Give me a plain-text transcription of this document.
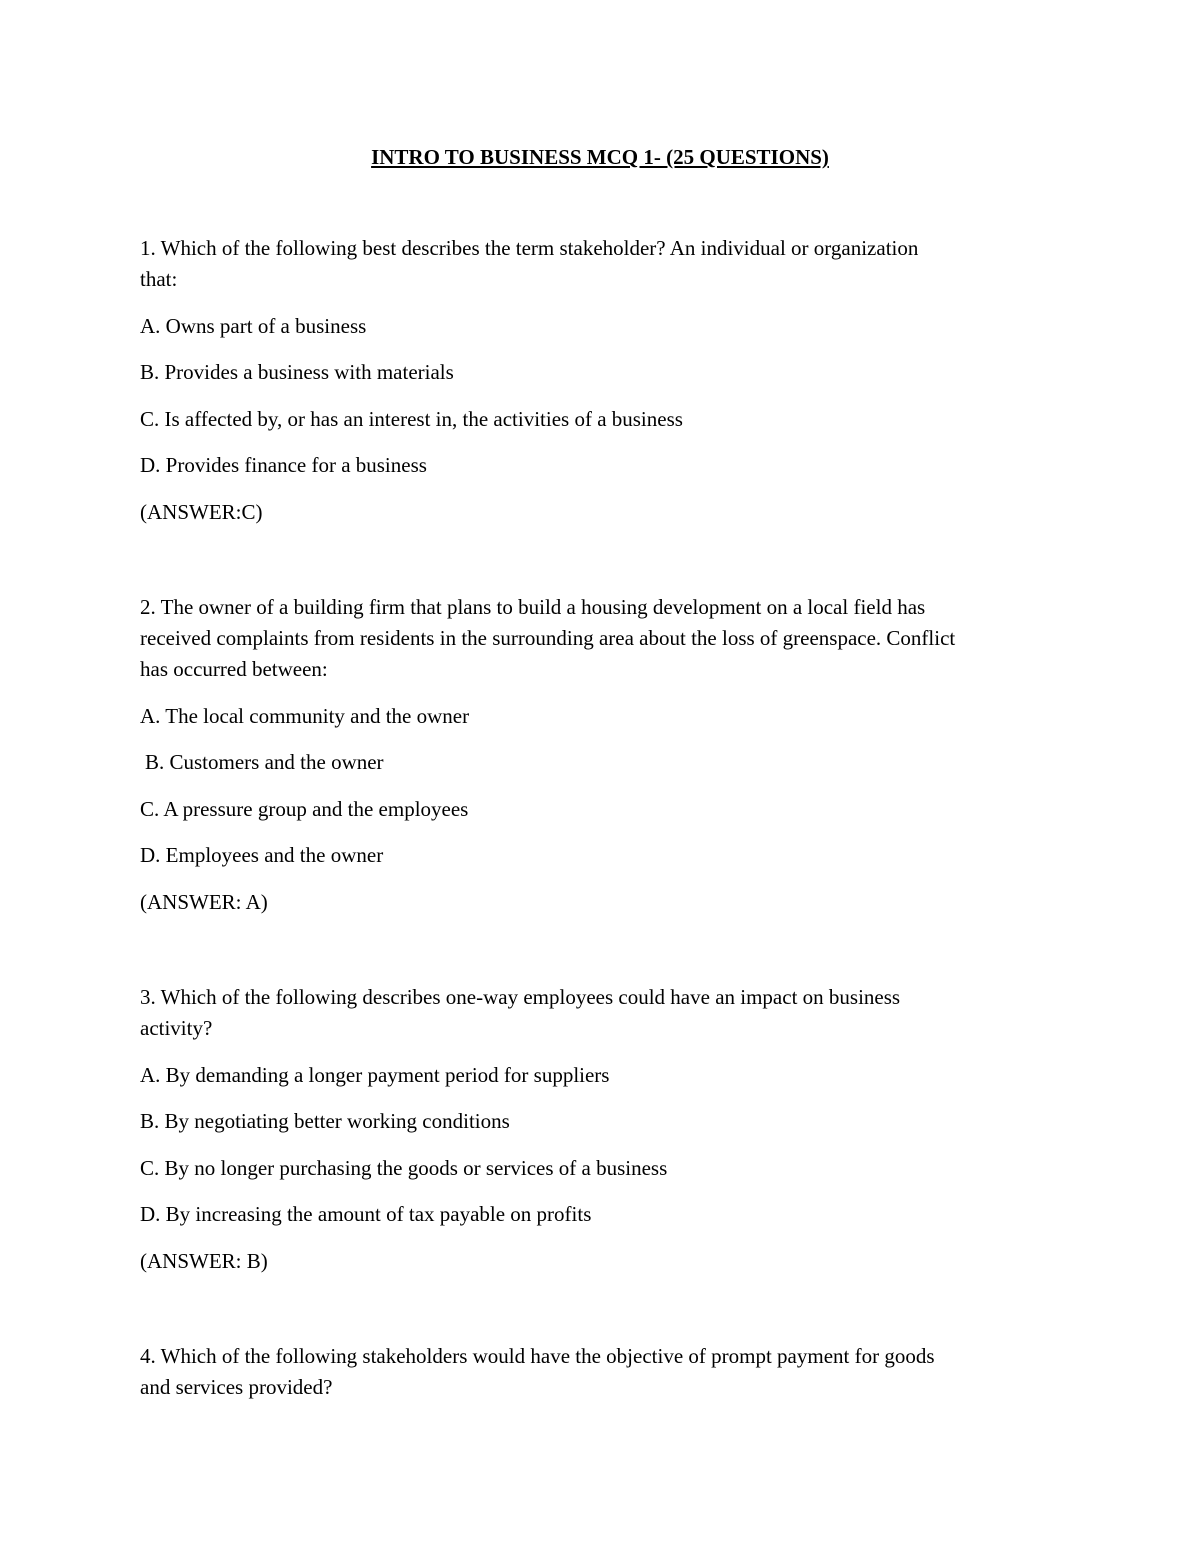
INTRO TO BUSINESS MCQ 1- (25 QUESTIONS)

1. Which of the following best describes the term stakeholder? An individual or organization

that:

A. Owns part of a business

B. Provides a business with materials

C. Is affected by, or has an interest in, the activities of a business

D. Provides finance for a business

(ANSWER:C)

2. The owner of a building firm that plans to build a housing development on a local field has

received complaints from residents in the surrounding area about the loss of greenspace. Conflict

has occurred between:

A. The local community and the owner

B. Customers and the owner

C. A pressure group and the employees

D. Employees and the owner

(ANSWER: A)

3. Which of the following describes one-way employees could have an impact on business

activity?

A. By demanding a longer payment period for suppliers

B. By negotiating better working conditions

C. By no longer purchasing the goods or services of a business

D. By increasing the amount of tax payable on profits

(ANSWER: B)

4. Which of the following stakeholders would have the objective of prompt payment for goods

and services provided?
